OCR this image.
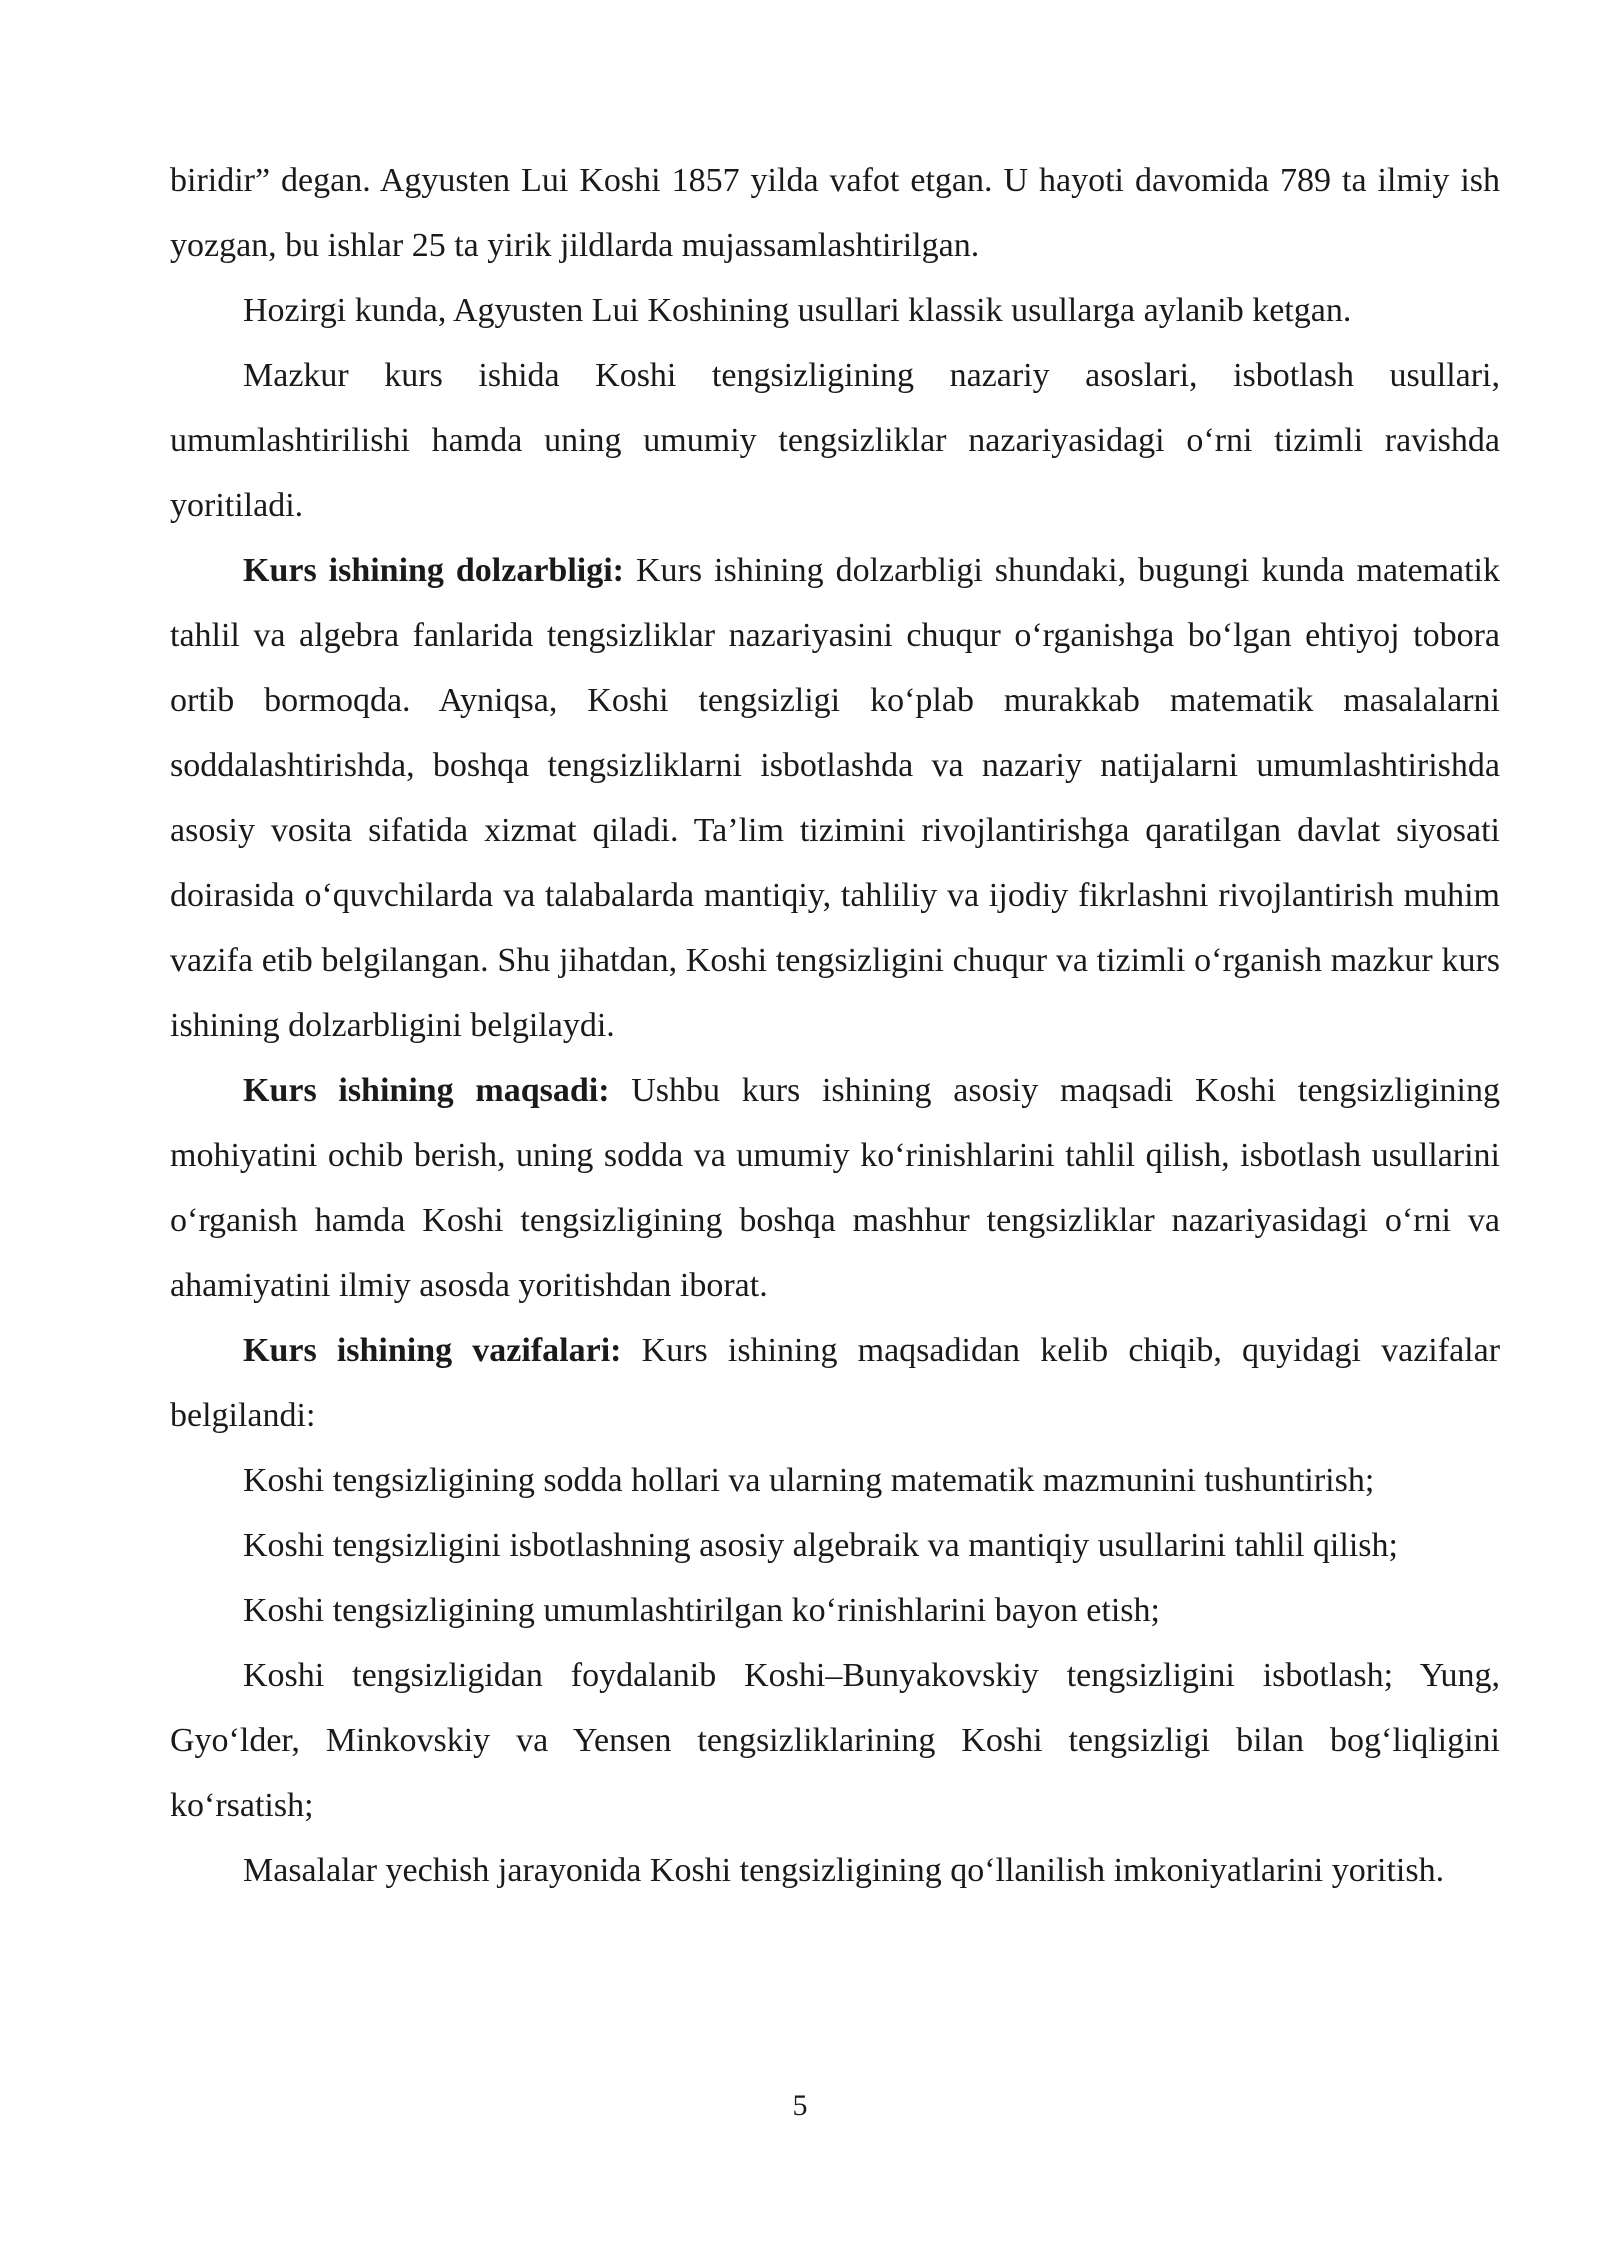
biridir” degan. Agyusten Lui Koshi 1857 yilda vafot etgan. U hayoti davomida 789 ta ilmiy ish yozgan, bu ishlar 25 ta yirik jildlarda mujassamlashtirilgan.

Hozirgi kunda, Agyusten Lui Koshining usullari klassik usullarga aylanib ketgan.

Mazkur kurs ishida Koshi tengsizligining nazariy asoslari, isbotlash usullari, umumlashtirilishi hamda uning umumiy tengsizliklar nazariyasidagi o‘rni tizimli ravishda yoritiladi.

Kurs ishining dolzarbligi: Kurs ishining dolzarbligi shundaki, bugungi kunda matematik tahlil va algebra fanlarida tengsizliklar nazariyasini chuqur o‘rganishga bo‘lgan ehtiyoj tobora ortib bormoqda. Ayniqsa, Koshi tengsizligi ko‘plab murakkab matematik masalalarni soddalashtirishda, boshqa tengsizliklarni isbotlashda va nazariy natijalarni umumlashtirishda asosiy vosita sifatida xizmat qiladi. Ta’lim tizimini rivojlantirishga qaratilgan davlat siyosati doirasida o‘quvchilarda va talabalarda mantiqiy, tahliliy va ijodiy fikrlashni rivojlantirish muhim vazifa etib belgilangan. Shu jihatdan, Koshi tengsizligini chuqur va tizimli o‘rganish mazkur kurs ishining dolzarbligini belgilaydi.

Kurs ishining maqsadi: Ushbu kurs ishining asosiy maqsadi Koshi tengsizligining mohiyatini ochib berish, uning sodda va umumiy ko‘rinishlarini tahlil qilish, isbotlash usullarini o‘rganish hamda Koshi tengsizligining boshqa mashhur tengsizliklar nazariyasidagi o‘rni va ahamiyatini ilmiy asosda yoritishdan iborat.

Kurs ishining vazifalari: Kurs ishining maqsadidan kelib chiqib, quyidagi vazifalar belgilandi:

Koshi tengsizligining sodda hollari va ularning matematik mazmunini tushuntirish;

Koshi tengsizligini isbotlashning asosiy algebraik va mantiqiy usullarini tahlil qilish;

Koshi tengsizligining umumlashtirilgan ko‘rinishlarini bayon etish;

Koshi tengsizligidan foydalanib Koshi–Bunyakovskiy tengsizligini isbotlash; Yung, Gyo‘lder, Minkovskiy va Yensen tengsizliklarining Koshi tengsizligi bilan bog‘liqligini ko‘rsatish;

Masalalar yechish jarayonida Koshi tengsizligining qo‘llanilish imkoniyatlarini yoritish.

5
